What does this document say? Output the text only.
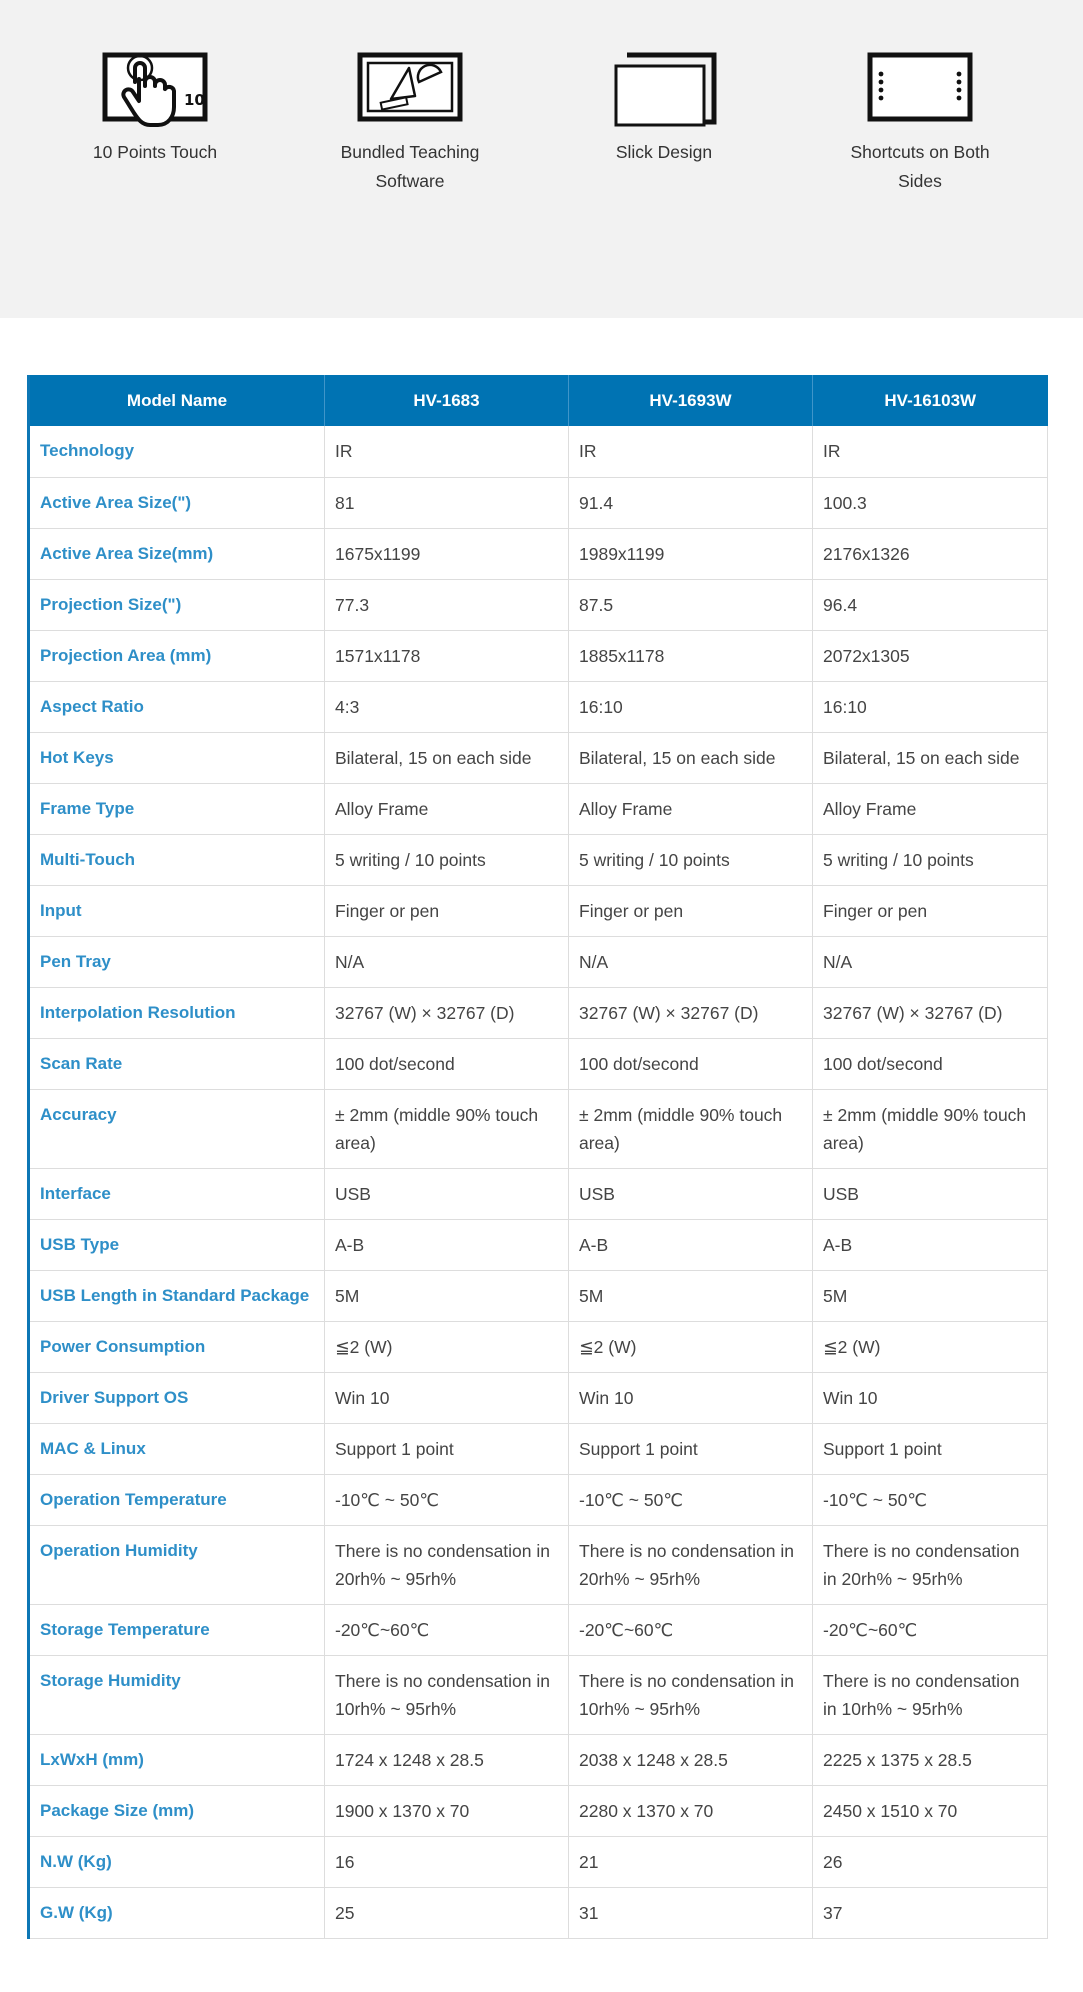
10
10 Points Touch	Bundled Teaching Software
Slick Design	Shortcuts on Both Sides
Model Name	HV-1683	HV-1693W	HV-16103W
Technology	IR	IR	IR
Active Area Size(")	81	91.4	100.3
Active Area Size(mm)	1675x1199	1989x1199	2176x1326
Projection Size(")	77.3	87.5	96.4
Projection Area (mm)	1571x1178	1885x1178	2072x1305
Aspect Ratio	4:3	16:10	16:10
Hot Keys	Bilateral, 15 on each side	Bilateral, 15 on each side	Bilateral, 15 on each side
Frame Type	Alloy Frame	Alloy Frame	Alloy Frame
Multi-Touch	5 writing / 10 points	5 writing / 10 points	5 writing / 10 points
Input	Finger or pen	Finger or pen	Finger or pen
Pen Tray	N/A	N/A	N/A
Interpolation Resolution	32767 (W) × 32767 (D)	32767 (W) × 32767 (D)	32767 (W) × 32767 (D)
Scan Rate	100 dot/second	100 dot/second	100 dot/second
Accuracy	± 2mm (middle 90% touch area)	± 2mm (middle 90% touch area)	± 2mm (middle 90% touch area)
Interface	USB	USB	USB
USB Type	A-B	A-B	A-B
USB Length in Standard Package	5M	5M	5M
Power Consumption	≦2 (W)	≦2 (W)	≦2 (W)
Driver Support OS	Win 10	Win 10	Win 10
MAC & Linux	Support 1 point	Support 1 point	Support 1 point
Operation Temperature	-10℃ ~ 50℃	-10℃ ~ 50℃	-10℃ ~ 50℃
Operation Humidity	There is no condensation in 20rh% ~ 95rh%	There is no condensation in 20rh% ~ 95rh%	There is no condensation in 20rh% ~ 95rh%
Storage Temperature	-20℃~60℃	-20℃~60℃	-20℃~60℃
Storage Humidity	There is no condensation in 10rh% ~ 95rh%	There is no condensation in 10rh% ~ 95rh%	There is no condensation in 10rh% ~ 95rh%
LxWxH (mm)	1724 x 1248 x 28.5	2038 x 1248 x 28.5	2225 x 1375 x 28.5
Package Size (mm)	1900 x 1370 x 70	2280 x 1370 x 70	2450 x 1510 x 70
N.W (Kg)	16	21	26
G.W (Kg)	25	31	37
